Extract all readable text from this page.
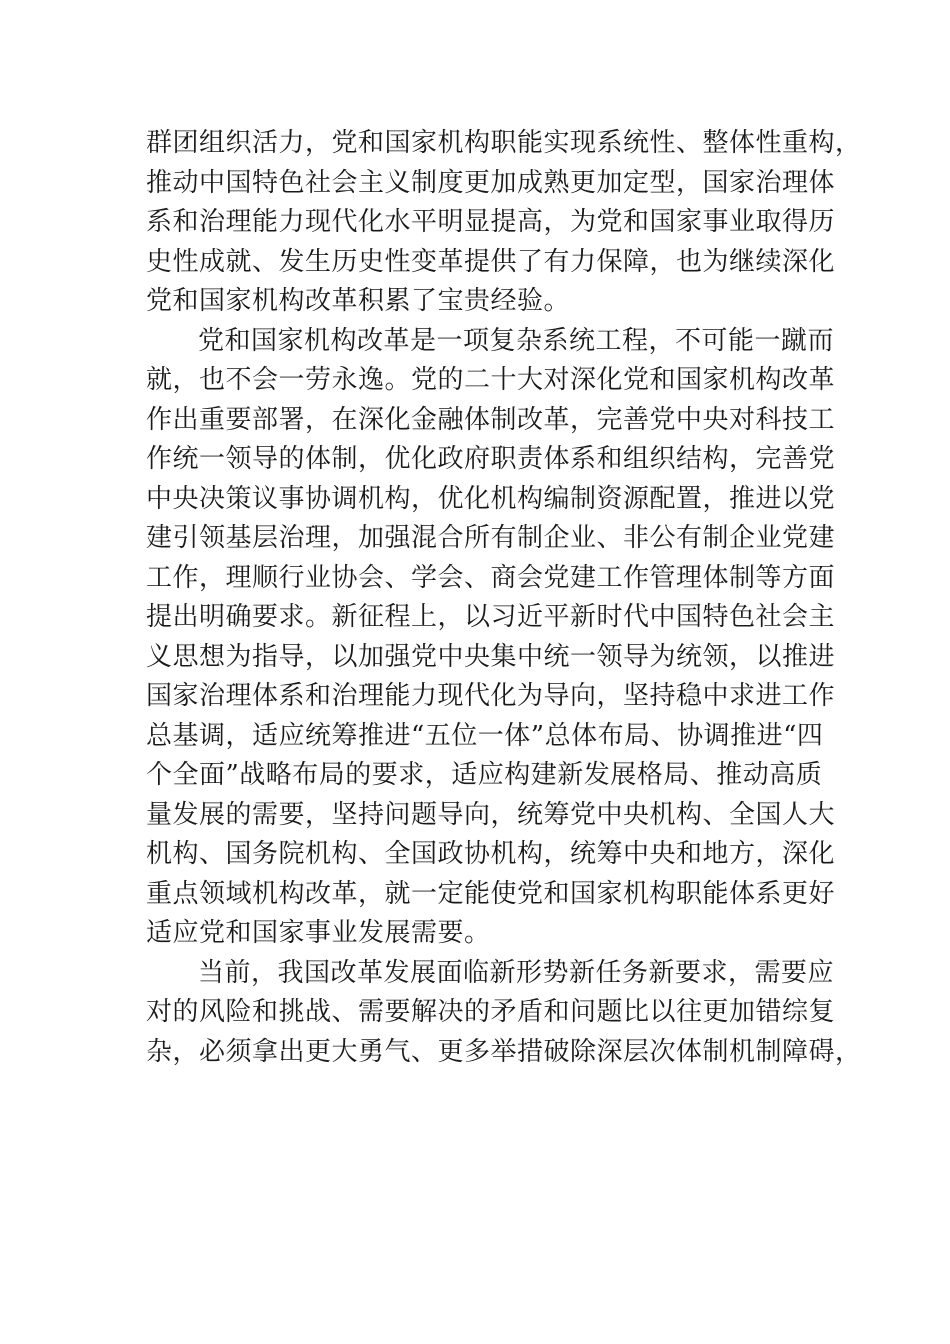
群团组织活力，党和国家机构职能实现系统性、整体性重构，
推动中国特色社会主义制度更加成熟更加定型，国家治理体
系和治理能力现代化水平明显提高，为党和国家事业取得历
史性成就、发生历史性变革提供了有力保障，也为继续深化
党和国家机构改革积累了宝贵经验。
党和国家机构改革是一项复杂系统工程，不可能一蹴而
就，也不会一劳永逸。党的二十大对深化党和国家机构改革
作出重要部署，在深化金融体制改革，完善党中央对科技工
作统一领导的体制，优化政府职责体系和组织结构，完善党
中央决策议事协调机构，优化机构编制资源配置，推进以党
建引领基层治理，加强混合所有制企业、非公有制企业党建
工作，理顺行业协会、学会、商会党建工作管理体制等方面
提出明确要求。新征程上，以习近平新时代中国特色社会主
义思想为指导，以加强党中央集中统一领导为统领，以推进
国家治理体系和治理能力现代化为导向，坚持稳中求进工作
总基调，适应统筹推进“五位一体”总体布局、协调推进“四
个全面”战略布局的要求，适应构建新发展格局、推动高质
量发展的需要，坚持问题导向，统筹党中央机构、全国人大
机构、国务院机构、全国政协机构，统筹中央和地方，深化
重点领域机构改革，就一定能使党和国家机构职能体系更好
适应党和国家事业发展需要。
当前，我国改革发展面临新形势新任务新要求，需要应
对的风险和挑战、需要解决的矛盾和问题比以往更加错综复
杂，必须拿出更大勇气、更多举措破除深层次体制机制障碍，
